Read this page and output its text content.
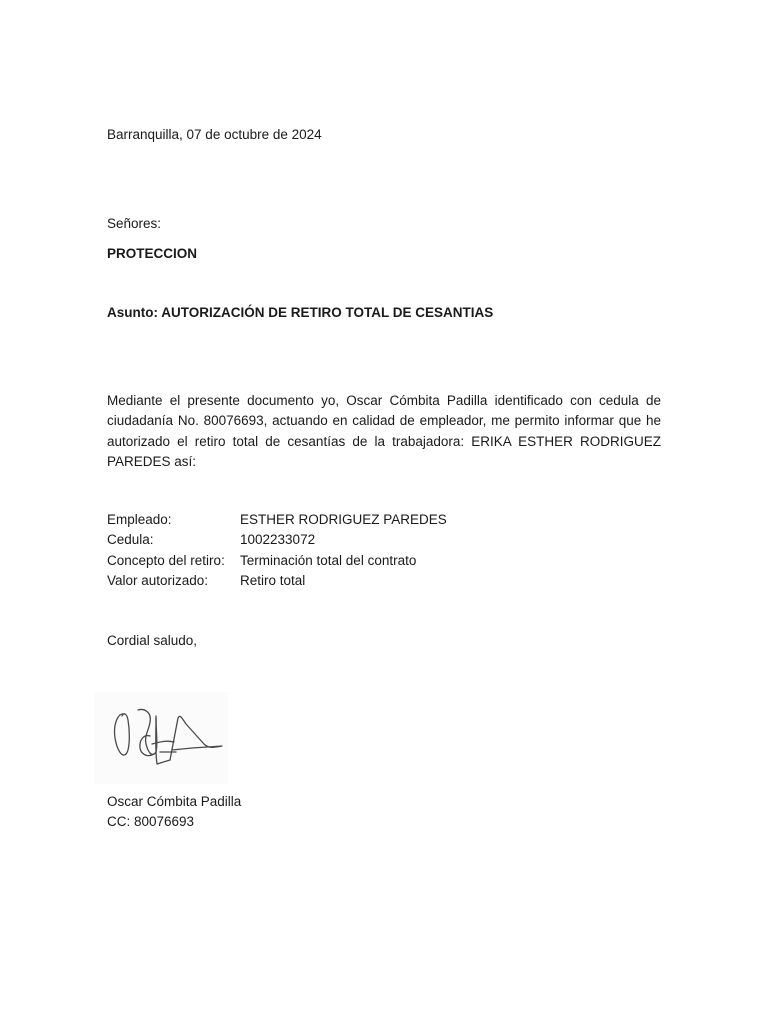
Barranquilla, 07 de octubre de 2024
Señores:
PROTECCION
Asunto: AUTORIZACIÓN DE RETIRO TOTAL DE CESANTIAS
Mediante el presente documento yo, Oscar Cómbita Padilla identificado con cedula de ciudadanía No. 80076693, actuando en calidad de empleador, me permito informar que he autorizado el retiro total de cesantías de la trabajadora: ERIKA ESTHER RODRIGUEZ PAREDES así:
Empleado:	ESTHER RODRIGUEZ PAREDES
Cedula:	1002233072
Concepto del retiro:	Terminación total del contrato
Valor autorizado:	Retiro total
Cordial saludo,
Oscar Cómbita Padilla
CC: 80076693
